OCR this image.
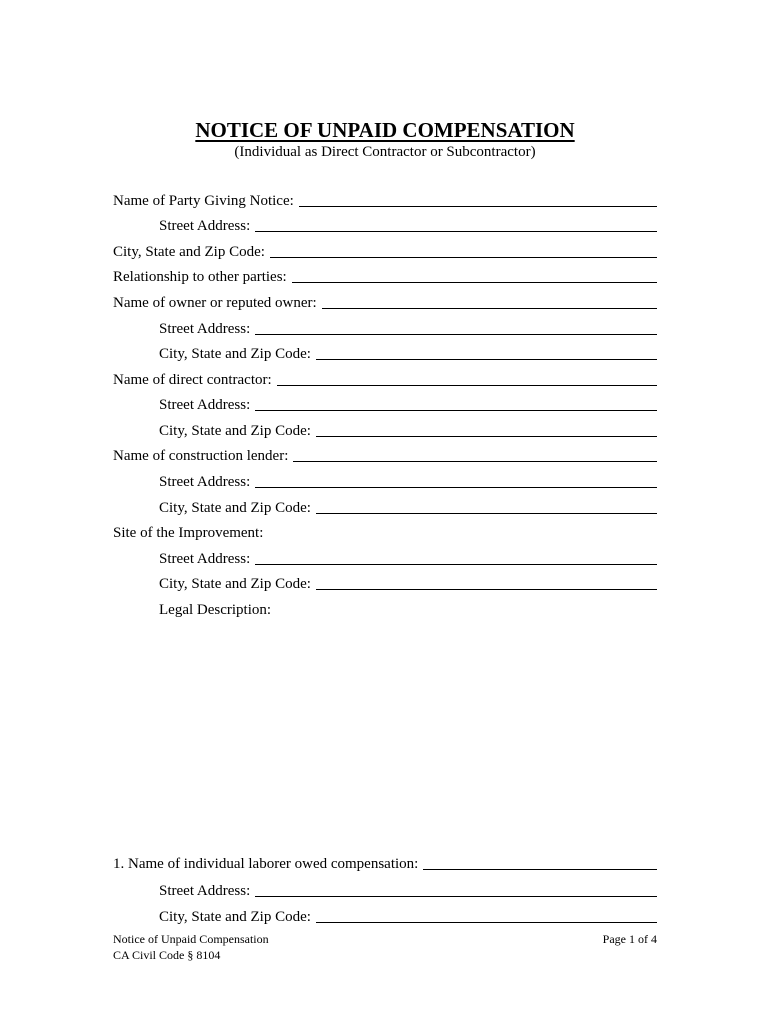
NOTICE OF UNPAID COMPENSATION
(Individual as Direct Contractor or Subcontractor)
Name of Party Giving Notice:
Street Address:
City, State and Zip Code:
Relationship to other parties:
Name of owner or reputed owner:
Street Address:
City, State and Zip Code:
Name of direct contractor:
Street Address:
City, State and Zip Code:
Name of construction lender:
Street Address:
City, State and Zip Code:
Site of the Improvement:
Street Address:
City, State and Zip Code:
Legal Description:
1. Name of individual laborer owed compensation:
Street Address:
City, State and Zip Code:
Notice of Unpaid Compensation
CA Civil Code § 8104
Page 1 of 4
